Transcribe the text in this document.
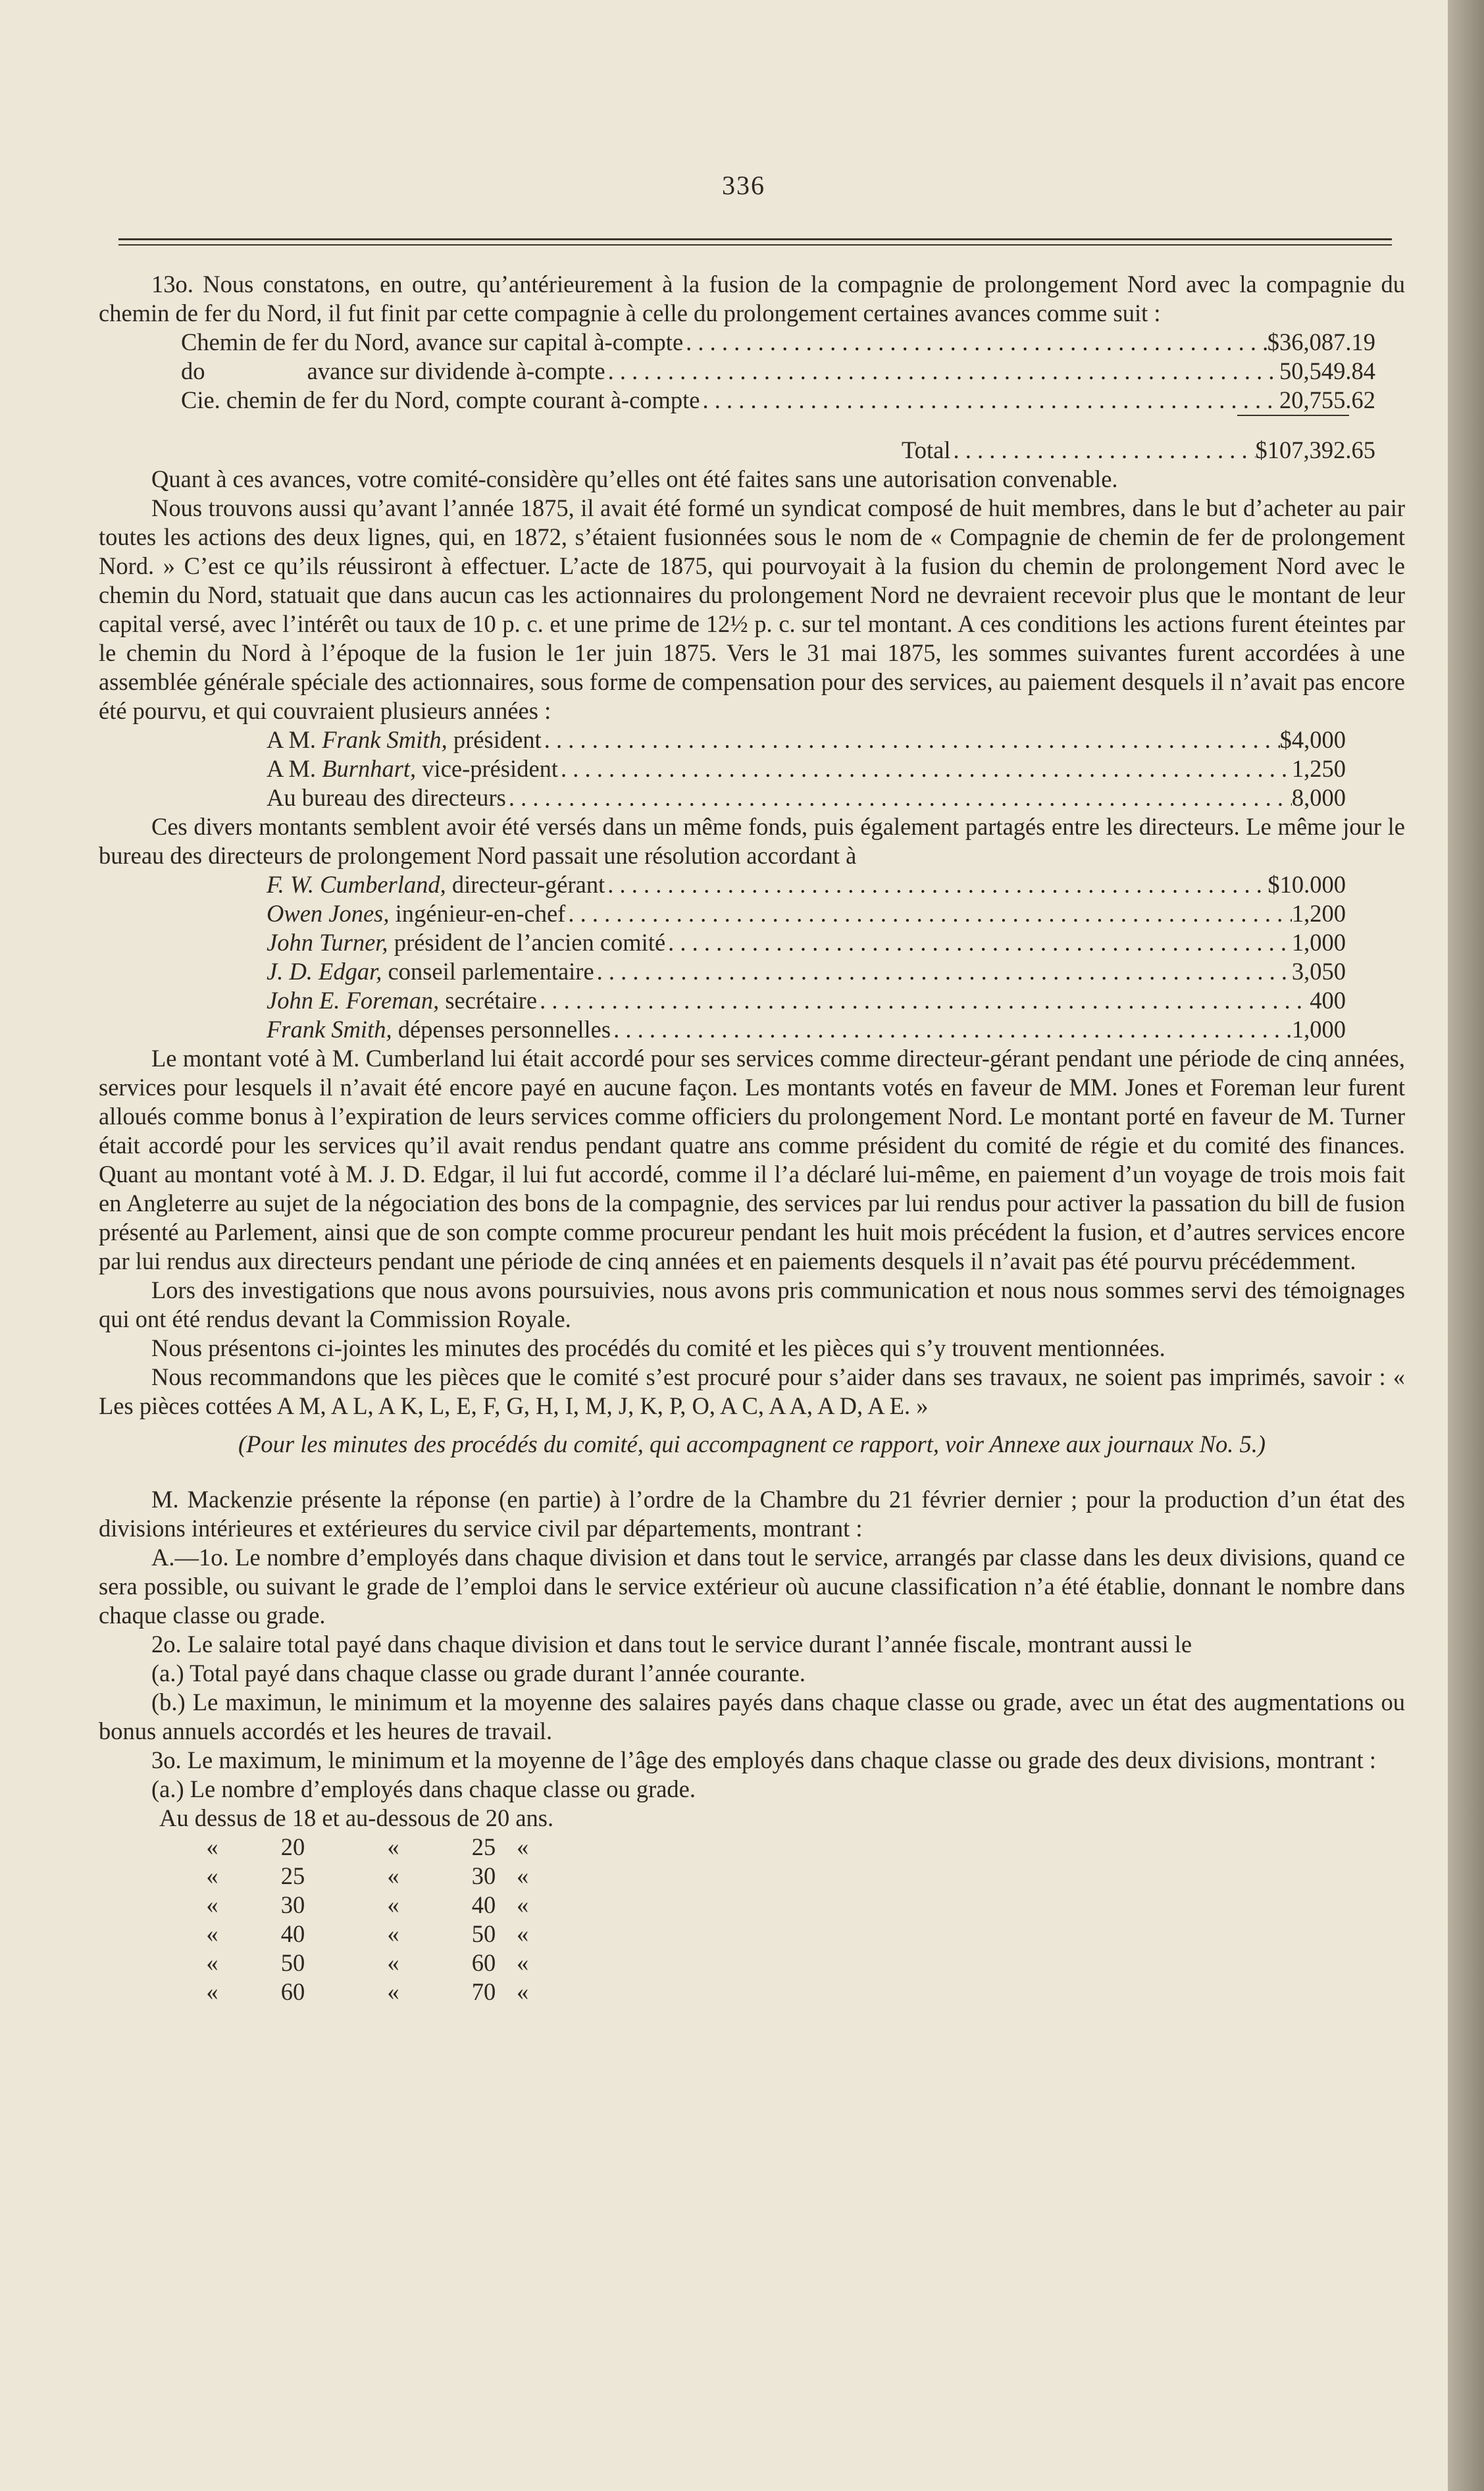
336

13o. Nous constatons, en outre, qu’antérieurement à la fusion de la compagnie de prolongement Nord avec la compagnie du chemin de fer du Nord, il fut finit par cette compagnie à celle du prolongement certaines avances comme suit :

Chemin de fer du Nord, avance sur capital à-compte . . .	$36,087.19
do                 avance sur dividende à-compte . . .	50,549.84
Cie. chemin de fer du Nord, compte courant à-compte . . .	20,755.62
Total . . .	$107,392.65

Quant à ces avances, votre comité-considère qu’elles ont été faites sans une autorisation convenable.

Nous trouvons aussi qu’avant l’année 1875, il avait été formé un syndicat composé de huit membres, dans le but d’acheter au pair toutes les actions des deux lignes, qui, en 1872, s’étaient fusionnées sous le nom de « Compagnie de chemin de fer de prolongement Nord. » C’est ce qu’ils réussiront à effectuer. L’acte de 1875, qui pourvoyait à la fusion du chemin de prolongement Nord avec le chemin du Nord, statuait que dans aucun cas les actionnaires du prolongement Nord ne devraient recevoir plus que le montant de leur capital versé, avec l’intérêt ou taux de 10 p. c. et une prime de 12½ p. c. sur tel montant. A ces conditions les actions furent éteintes par le chemin du Nord à l’époque de la fusion le 1er juin 1875. Vers le 31 mai 1875, les sommes suivantes furent accordées à une assemblée générale spéciale des actionnaires, sous forme de compensation pour des services, au paiement desquels il n’avait pas encore été pourvu, et qui couvraient plusieurs années :

A M. Frank Smith, président . . .	$4,000
A M. Burnhart, vice-président . . .	1,250
Au bureau des directeurs . . .	8,000

Ces divers montants semblent avoir été versés dans un même fonds, puis également partagés entre les directeurs. Le même jour le bureau des directeurs de prolongement Nord passait une résolution accordant à

F. W. Cumberland, directeur-gérant . . .	$10.000
Owen Jones, ingénieur-en-chef . . .	1,200
John Turner, président de l’ancien comité . . .	1,000
J. D. Edgar, conseil parlementaire . . .	3,050
John E. Foreman, secrétaire . . .	400
Frank Smith, dépenses personnelles . . .	1,000

Le montant voté à M. Cumberland lui était accordé pour ses services comme directeur-gérant pendant une période de cinq années, services pour lesquels il n’avait été encore payé en aucune façon. Les montants votés en faveur de MM. Jones et Foreman leur furent alloués comme bonus à l’expiration de leurs services comme officiers du prolongement Nord. Le montant porté en faveur de M. Turner était accordé pour les services qu’il avait rendus pendant quatre ans comme président du comité de régie et du comité des finances. Quant au montant voté à M. J. D. Edgar, il lui fut accordé, comme il l’a déclaré lui-même, en paiement d’un voyage de trois mois fait en Angleterre au sujet de la négociation des bons de la compagnie, des services par lui rendus pour activer la passation du bill de fusion présenté au Parlement, ainsi que de son compte comme procureur pendant les huit mois précédent la fusion, et d’autres services encore par lui rendus aux directeurs pendant une période de cinq années et en paiements desquels il n’avait pas été pourvu précédemment.

Lors des investigations que nous avons poursuivies, nous avons pris communication et nous nous sommes servi des témoignages qui ont été rendus devant la Commission Royale.

Nous présentons ci-jointes les minutes des procédés du comité et les pièces qui s’y trouvent mentionnées.

Nous recommandons que les pièces que le comité s’est procuré pour s’aider dans ses travaux, ne soient pas imprimés, savoir : « Les pièces cottées A M, A L, A K, L, E, F, G, H, I, M, J, K, P, O, A C, A A, A D, A E. »

(Pour les minutes des procédés du comité, qui accompagnent ce rapport, voir Annexe aux journaux No. 5.)

M. Mackenzie présente la réponse (en partie) à l’ordre de la Chambre du 21 février dernier ; pour la production d’un état des divisions intérieures et extérieures du service civil par départements, montrant :

A.—1o. Le nombre d’employés dans chaque division et dans tout le service, arrangés par classe dans les deux divisions, quand ce sera possible, ou suivant le grade de l’emploi dans le service extérieur où aucune classification n’a été établie, donnant le nombre dans chaque classe ou grade.

2o. Le salaire total payé dans chaque division et dans tout le service durant l’année fiscale, montrant aussi le

(a.) Total payé dans chaque classe ou grade durant l’année courante.

(b.) Le maximun, le minimum et la moyenne des salaires payés dans chaque classe ou grade, avec un état des augmentations ou bonus annuels accordés et les heures de travail.

3o. Le maximum, le minimum et la moyenne de l’âge des employés dans chaque classe ou grade des deux divisions, montrant :

(a.) Le nombre d’employés dans chaque classe ou grade.

Au dessus de 18 et au-dessous de 20 ans.

«	20	«	25 «
«	25	«	30 «
«	30	«	40 «
«	40	«	50 «
«	50	«	60 «
«	60	«	70 «
